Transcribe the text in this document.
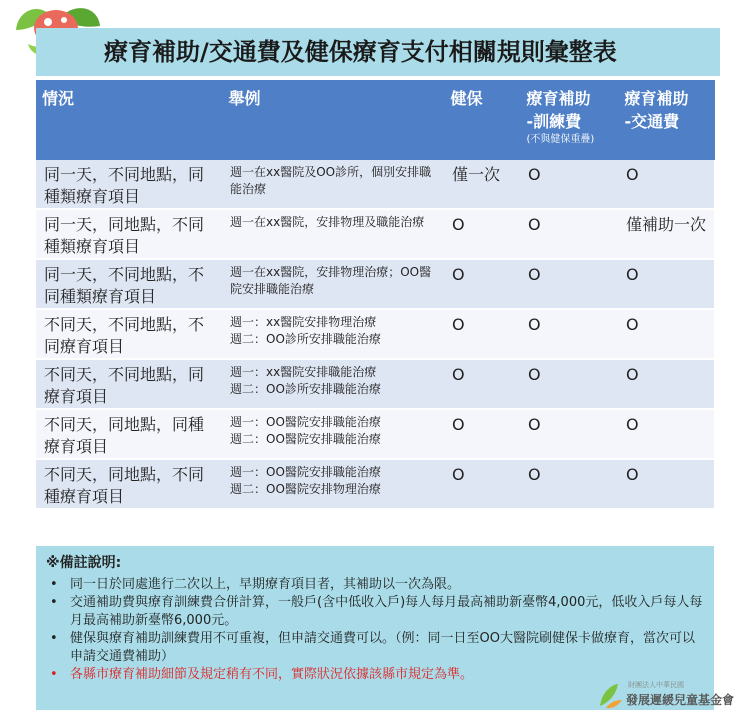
療育補助/交通費及健保療育支付相關規則彙整表
情況	舉例	健保	療育補助
-訓練費
(不與健保重疊)	療育補助
-交通費
同一天，不同地點，同種類療育項目	週一在xx醫院及OO診所，個別安排職能治療	僅一次	O	O
同一天，同地點，不同種類療育項目	週一在xx醫院，安排物理及職能治療	O	O	僅補助一次
同一天，不同地點，不同種類療育項目	週一在xx醫院，安排物理治療；OO醫院安排職能治療	O	O	O
不同天，不同地點，不同療育項目	週一：xx醫院安排物理治療
週二：OO診所安排職能治療	O	O	O
不同天，不同地點，同療育項目	週一：xx醫院安排職能治療
週二：OO診所安排職能治療	O	O	O
不同天，同地點，同種療育項目	週一：OO醫院安排職能治療
週二：OO醫院安排職能治療	O	O	O
不同天，同地點，不同種療育項目	週一：OO醫院安排職能治療
週二：OO醫院安排物理治療	O	O	O
※備註說明:
• 同一日於同處進行二次以上，早期療育項目者，其補助以一次為限。
• 交通補助費與療育訓練費合併計算，一般戶(含中低收入戶)每人每月最高補助新臺幣4,000元，低收入戶每人每月最高補助新臺幣6,000元。
• 健保與療育補助訓練費用不可重複，但申請交通費可以。（例：同一日至OO大醫院刷健保卡做療育，當次可以申請交通費補助）
• 各縣市療育補助細節及規定稍有不同，實際狀況依據該縣市規定為準。
財團法人中華民國
發展遲緩兒童基金會
